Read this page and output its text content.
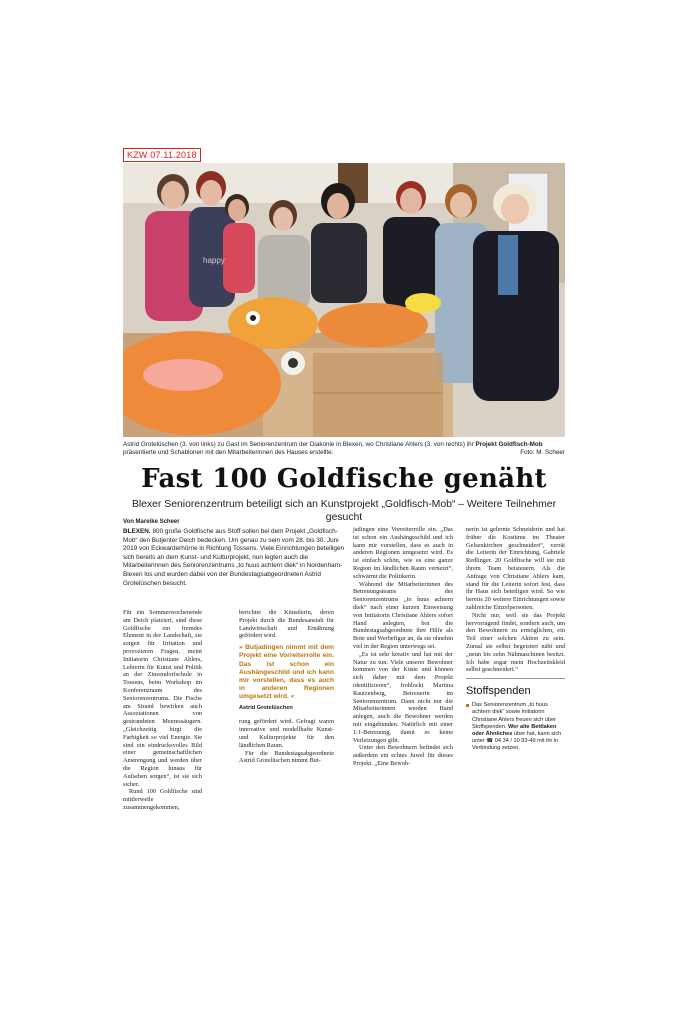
KZW 07.11.2018
happy
Astrid Grotelüschen (3. von links) zu Gast im Seniorenzentrum der Diakonie in Blexen, wo Christiane Ahlers (3. von rechts) ihr Projekt Goldfisch-Mob präsentierte und Schablonen mit den Mitarbeiterinnen des Hauses erstellte.	Foto: M. Scheer
Fast 100 Goldfische genäht
Blexer Seniorenzentrum beteiligt sich an Kunstprojekt „Goldfisch-Mob“ – Weitere Teilnehmer gesucht
Von Mareike Scheer
BLEXEN. 800 große Goldfische aus Stoff sollen bei dem Projekt „Goldfisch-Mob“ den Butjenter Deich bedecken. Um genau zu sein vom 28. bis 30. Juni 2019 von Eckwarderhörne in Richtung Tossens. Viele Einrichtungen beteiligen sich bereits an dem Kunst- und Kulturprojekt, nun legten auch die Mitarbeiterinnen des Seniorenzentrums „to huus achtern diek“ in Nordenham-Blexen los und wurden dabei von der Bundestagsabgeordneten Astrid Grotelüschen besucht.

Für ein Sommerwochenende am Deich platziert, sind diese Goldfische ein fremdes Element in der Landschaft, sie sorgen für Irritation und provozieren Fragen, meint Initiatorin Christiane Ahlers, Lehrerin für Kunst und Politik an der Zinzendorfschule in Tossens, beim Workshop im Konferenzraum des Seniorenzentrums. Die Fische am Strand bewirken auch Assoziationen von gestrandeten Meeressäugern. „Gleichzeitig birgt die Farbigkeit so viel Energie. Sie sind ein eindrucksvolles Bild einer gemeinschaftlichen Anstrengung und werden über die Region hinaus für Aufsehen sorgen“, ist sie sich sicher.

Rund 100 Goldfische sind mittlerweile zusammengekommen,

berichtet die Künstlerin, deren Projekt durch die Bundesanstalt für Landwirtschaft und Ernährung gefördert wird.

» Butjadingen nimmt mit dem Projekt eine Vorreiterrolle ein. Das ist schon ein Aushängeschild und ich kann mir vorstellen, dass es auch in anderen Regionen umgesetzt wird. «
Astrid Grotelüschen

rung gefördert wird. Gefragt waren innovative und modellhafte Kunst- und Kulturprojekte für den ländlichen Raum.

Für die Bundestagsabgeordnete Astrid Grotelüschen nimmt But-

jadingen eine Vorreiterrolle ein. „Das ist schon ein Aushängeschild und ich kann mir vorstellen, dass es auch in anderen Regionen umgesetzt wird. Es ist einfach schön, wie es eine ganze Region im ländlichen Raum vernetzt“, schwärmt die Politikerin.

Während die Mitarbeiterinnen des Betreuungsteams des Seniorenzentrums „to huus achtern diek“ nach einer kurzen Einweisung von Initiatorin Christiane Ahlers sofort Hand anlegten, bot die Bundestagsabgeordnete ihre Hilfe als Bote und Werbefigur an, da sie ohnehin viel in der Region unterwegs sei.

„Es ist sehr kreativ und hat mit der Natur zu tun. Viele unserer Bewohner kommen von der Küste und können sich daher mit dem Projekt identifizieren“, frohlockt Martina Rautzenberg, Betreuerin im Seniorenzentrum. Dann nicht nur die Mitarbeiterinnen werden Hand anlegen, auch die Bewohner werden mit eingebunden. Natürlich mit einer 1:1-Betreuung, damit es keine Verletzungen gibt.

Unter den Bewohnern befindet sich außerdem ein echtes Juwel für dieses Projekt. „Eine Bewoh-

nerin ist gelernte Schneiderin und hat früher die Kostüme im Theater Gelsenkirchen geschneidert“, verrät die Leiterin der Einrichtung, Gabriele Redlinger. 20 Goldfische will sie mit ihrem Team beisteuern. Als die Anfrage von Christiane Ahlers kam, stand für die Leiterin sofort fest, dass ihr Haus sich beteiligen wird. So wie bereits 20 weitere Einrichtungen sowie zahlreiche Einzelpersonen.

Nicht nur, weil sie das Projekt hervorragend findet, sondern auch, um den Bewohnern zu ermöglichen, ein Teil einer solchen Aktion zu sein. Zumal sie selbst begeistert näht und „neun bis zehn Nähmaschinen besitzt. Ich habe sogar mein Hochzeitskleid selbst geschneidert.“

Stoffspenden
Das Seniorenzentrum „to huus achtern diek“ sowie Initiatorin Christiane Ahlers freuen sich über Stoffspenden. Wer alte Bettlaken oder Ähnliches über hat, kann sich unter ☎ 04 34 / 10 93-49 mit ihr in Verbindung setzen.
